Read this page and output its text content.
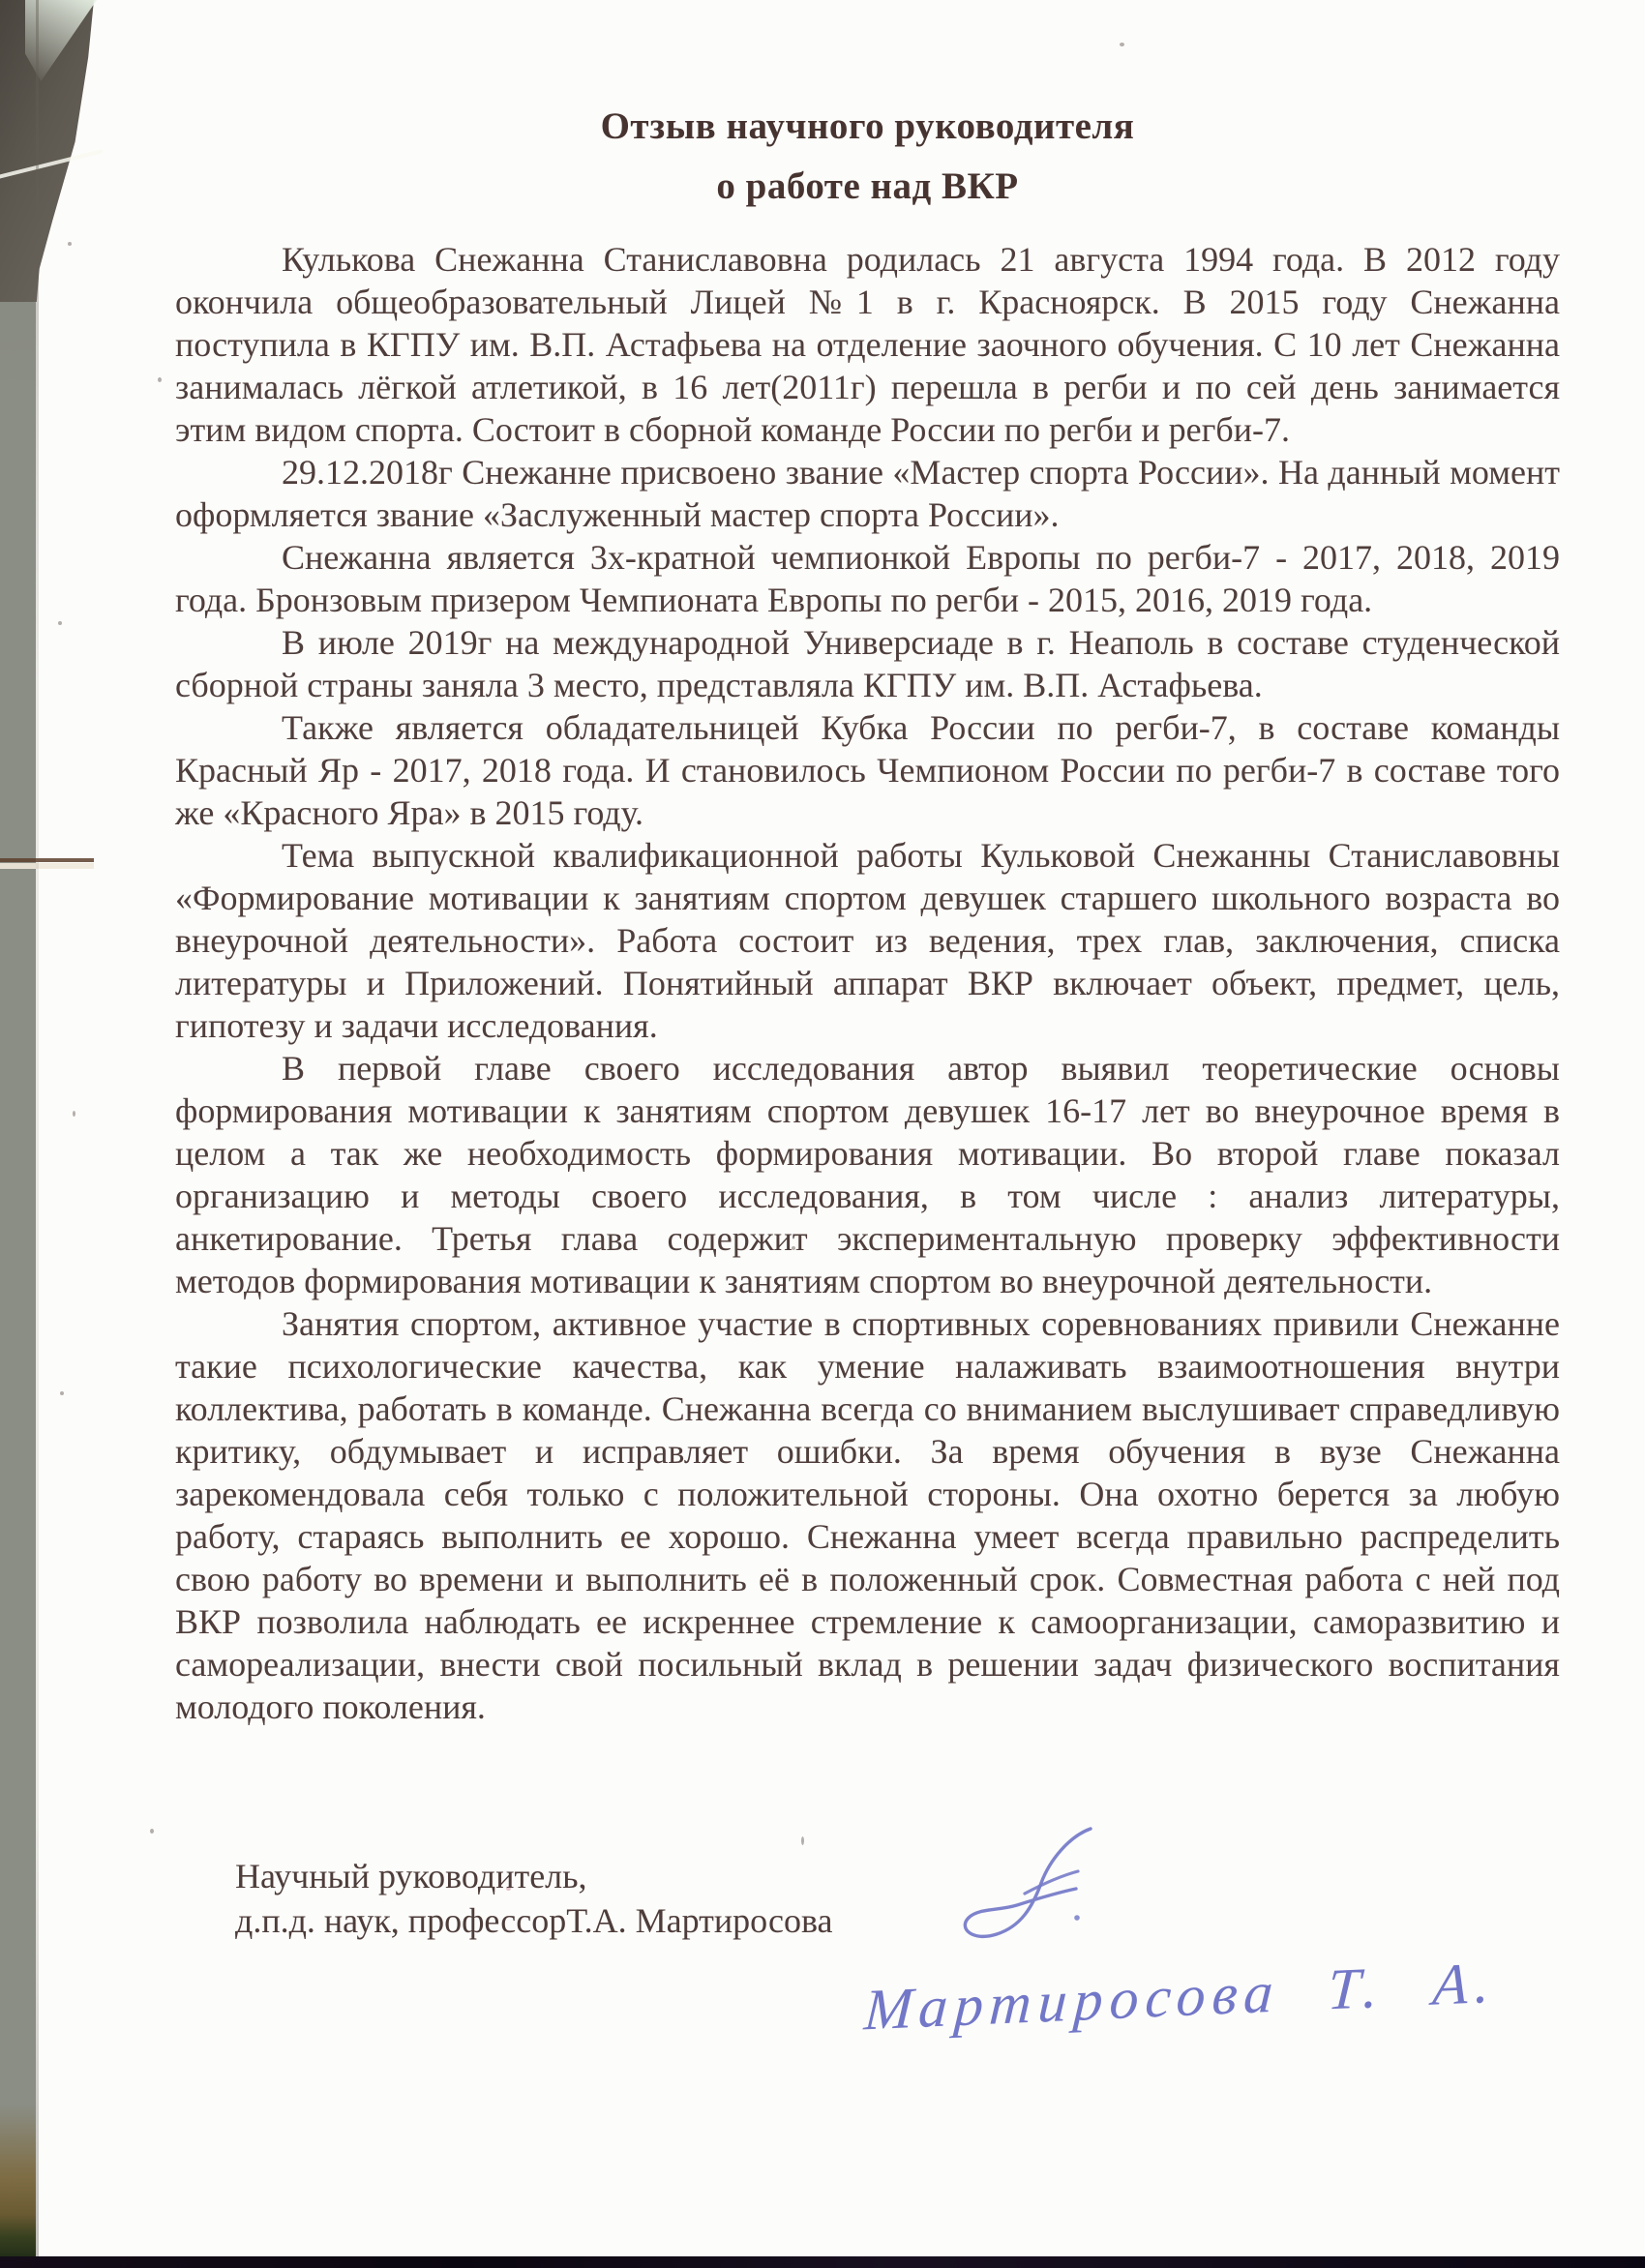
Отзыв научного руководителя
о работе над ВКР

Кулькова Снежанна Станиславовна родилась 21 августа 1994 года. В 2012 году окончила общеобразовательный Лицей №1 в г. Красноярск. В 2015 году Снежанна поступила в КГПУ им. В.П. Астафьева на отделение заочного обучения. С 10 лет Снежанна занималась лёгкой атлетикой, в 16 лет(2011г) перешла в регби и по сей день занимается этим видом спорта. Состоит в сборной команде России по регби и регби-7.

29.12.2018г Снежанне присвоено звание «Мастер спорта России». На данный момент оформляется звание «Заслуженный мастер спорта России».

Снежанна является 3х-кратной чемпионкой Европы по регби-7 - 2017, 2018, 2019 года. Бронзовым призером Чемпионата Европы по регби - 2015, 2016, 2019 года.

В июле 2019г на международной Универсиаде в г. Неаполь в составе студенческой сборной страны заняла 3 место, представляла КГПУ им. В.П. Астафьева.

Также является обладательницей Кубка России по регби-7, в составе команды Красный Яр - 2017, 2018 года. И становилось Чемпионом России по регби-7 в составе того же «Красного Яра» в 2015 году.

Тема выпускной квалификационной работы Кульковой Снежанны Станиславовны «Формирование мотивации к занятиям спортом девушек старшего школьного возраста во внеурочной деятельности». Работа состоит из ведения, трех глав, заключения, списка литературы и Приложений. Понятийный аппарат ВКР включает объект, предмет, цель, гипотезу и задачи исследования.

В первой главе своего исследования автор выявил теоретические основы формирования мотивации к занятиям спортом девушек 16-17 лет во внеурочное время в целом а так же необходимость формирования мотивации. Во второй главе показал организацию и методы своего исследования, в том числе : анализ литературы, анкетирование. Третья глава содержит экспериментальную проверку эффективности методов формирования мотивации к занятиям спортом во внеурочной деятельности.

Занятия спортом, активное участие в спортивных соревнованиях привили Снежанне такие психологические качества, как умение налаживать взаимоотношения внутри коллектива, работать в команде. Снежанна всегда со вниманием выслушивает справедливую критику, обдумывает и исправляет ошибки. За время обучения в вузе Снежанна зарекомендовала себя только с положительной стороны. Она охотно берется за любую работу, стараясь выполнить ее хорошо. Снежанна умеет всегда правильно распределить свою работу во времени и выполнить её в положенный срок. Совместная работа с ней под ВКР позволила наблюдать ее искреннее стремление к самоорганизации, саморазвитию и самореализации, внести свой посильный вклад в решении задач физического воспитания молодого поколения.

Научный руководитель,
д.п.д. наук, профессорТ.А. Мартиросова
Мартиросова Т. А.
